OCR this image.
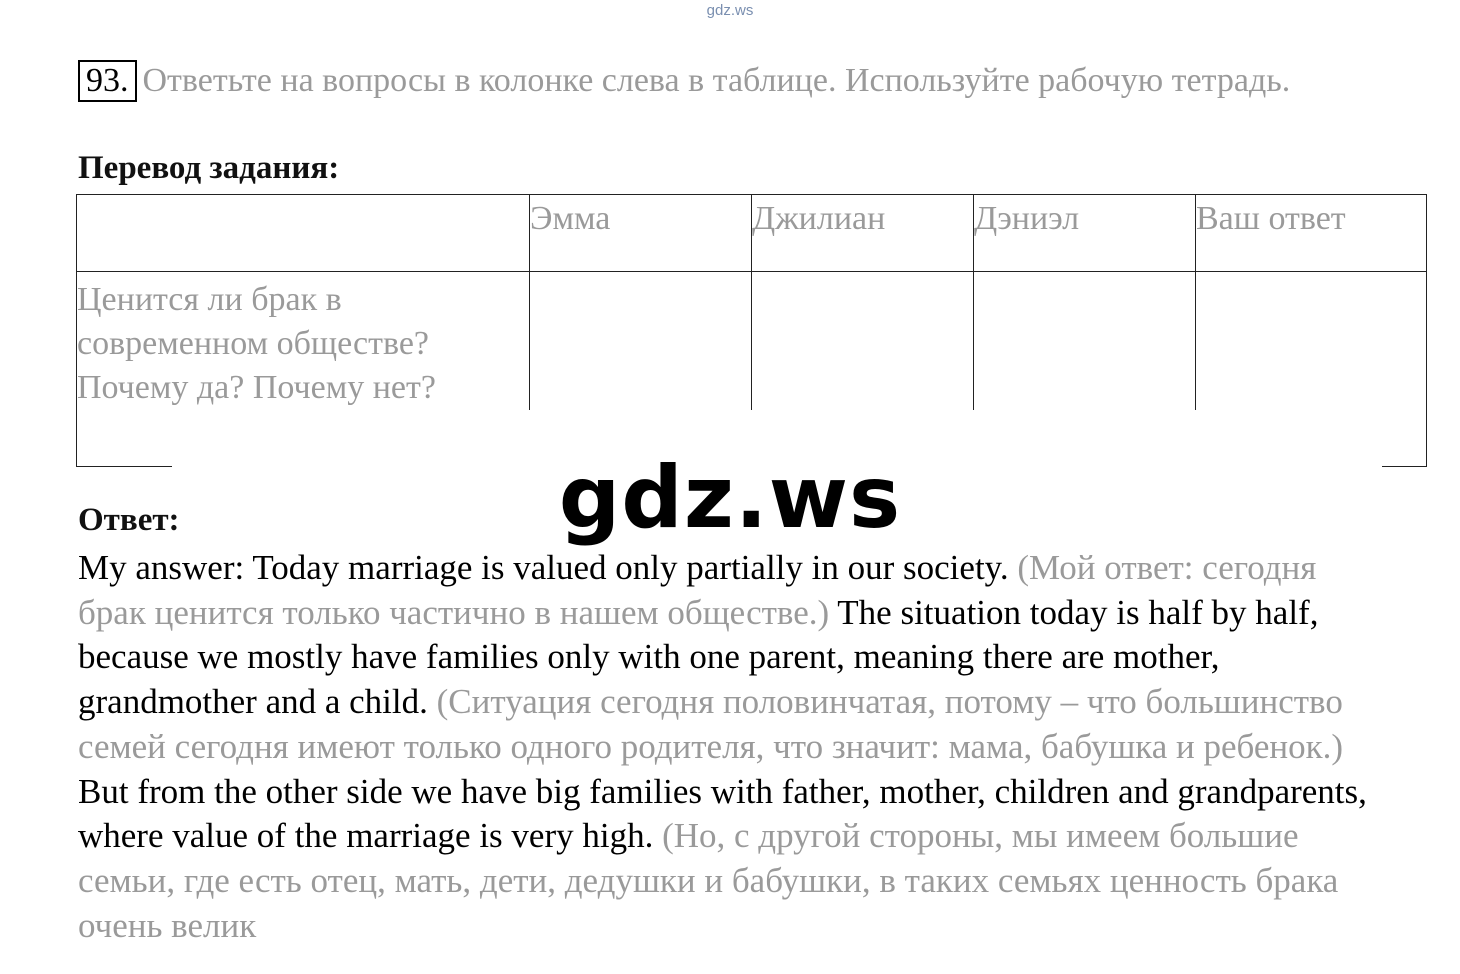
gdz.ws
93. Ответьте на вопросы в колонке слева в таблице. Используйте рабочую тетрадь.
Перевод задания:
	Эмма	Джилиан	Дэниэл	Ваш ответ
Ценится ли брак в современном обществе? Почему да? Почему нет?				
gdz.ws
Ответ:
My answer: Today marriage is valued only partially in our society. (Мой ответ: сегодня брак ценится только частично в нашем обществе.) The situation today is half by half, because we mostly have families only with one parent, meaning there are mother, grandmother and a child. (Ситуация сегодня половинчатая, потому – что большинство семей сегодня имеют только одного родителя, что значит: мама, бабушка и ребенок.) But from the other side we have big families with father, mother, children and grandparents, where value of the marriage is very high. (Но, с другой стороны, мы имеем большие семьи, где есть отец, мать, дети, дедушки и бабушки, в таких семьях ценность брака очень велик
